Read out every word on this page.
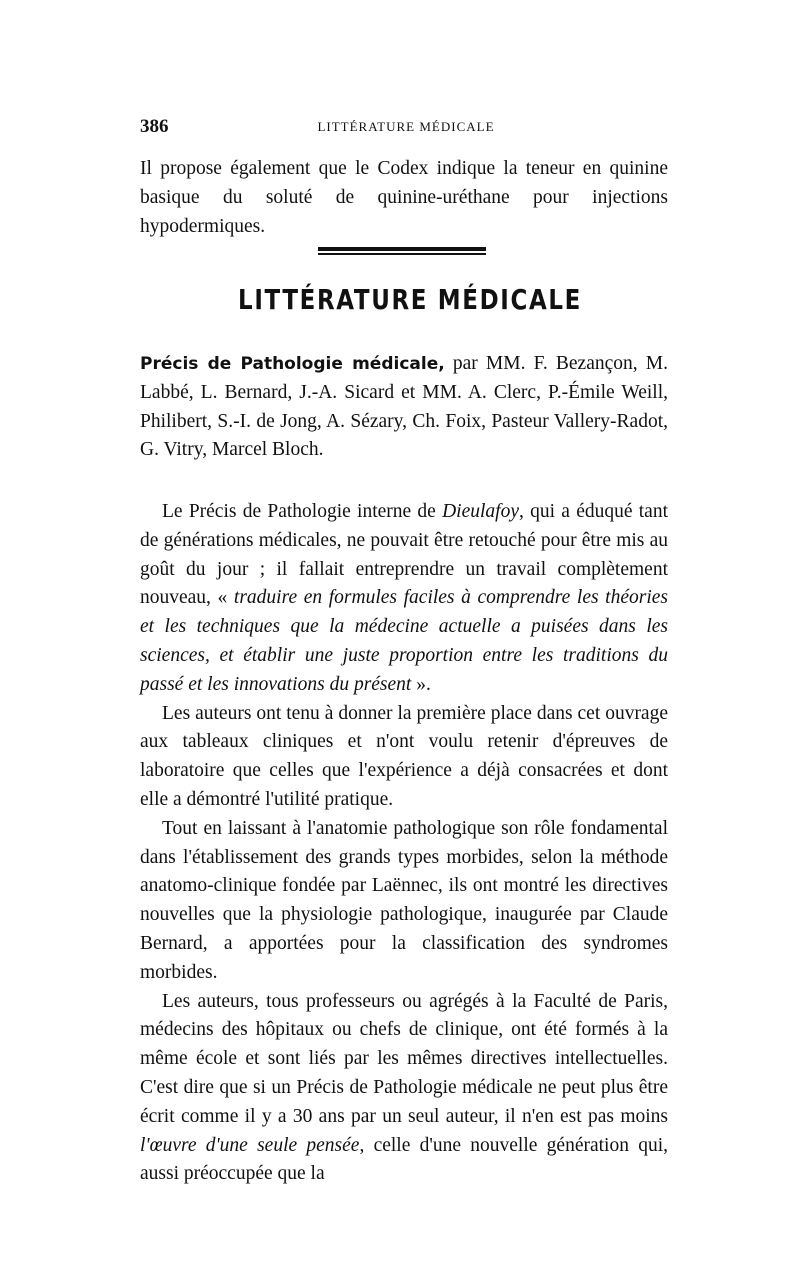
386	LITTÉRATURE MÉDICALE
Il propose également que le Codex indique la teneur en quinine basique du soluté de quinine-uréthane pour injections hypodermiques.
LITTÉRATURE MÉDICALE
Précis de Pathologie médicale, par MM. F. Bezançon, M. Labbé, L. Bernard, J.-A. Sicard et MM. A. Clerc, P.-Émile Weill, Philibert, S.-I. de Jong, A. Sézary, Ch. Foix, Pasteur Vallery-Radot, G. Vitry, Marcel Bloch.

Le Précis de Pathologie interne de Dieulafoy, qui a éduqué tant de générations médicales, ne pouvait être retouché pour être mis au goût du jour ; il fallait entreprendre un travail complètement nouveau, « traduire en formules faciles à comprendre les théories et les techniques que la médecine actuelle a puisées dans les sciences, et établir une juste proportion entre les traditions du passé et les innovations du présent ».

Les auteurs ont tenu à donner la première place dans cet ouvrage aux tableaux cliniques et n'ont voulu retenir d'épreuves de laboratoire que celles que l'expérience a déjà consacrées et dont elle a démontré l'utilité pratique.

Tout en laissant à l'anatomie pathologique son rôle fondamental dans l'établissement des grands types morbides, selon la méthode anatomo-clinique fondée par Laënnec, ils ont montré les directives nouvelles que la physiologie pathologique, inaugurée par Claude Bernard, a apportées pour la classification des syndromes morbides.

Les auteurs, tous professeurs ou agrégés à la Faculté de Paris, médecins des hôpitaux ou chefs de clinique, ont été formés à la même école et sont liés par les mêmes directives intellectuelles. C'est dire que si un Précis de Pathologie médicale ne peut plus être écrit comme il y a 30 ans par un seul auteur, il n'en est pas moins l'œuvre d'une seule pensée, celle d'une nouvelle génération qui, aussi préoccupée que la
